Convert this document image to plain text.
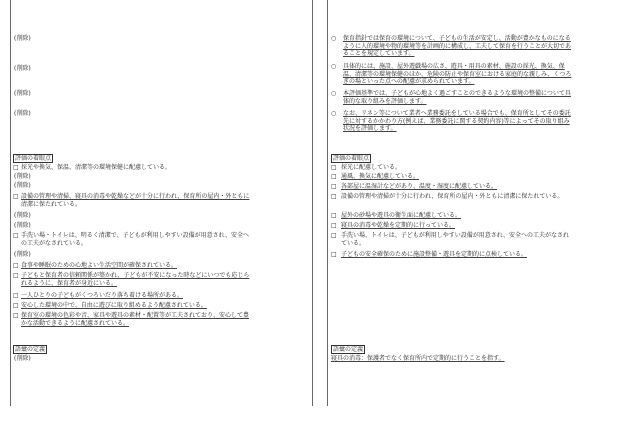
(削除)
(削除)
(削除)
(削除)
評価の着眼点
□ 採光や換気、保温、清潔等の環境保健に配慮している。
(削除)
(削除)
□ 設備の管理や清掃、寝具の消毒や乾燥などが十分に行われ、保育所の屋内・外ともに
清潔に保たれている。
(削除)
(削除)
□ 手洗い場・トイレは、明るく清潔で、子どもが利用しやすい設備が用意され、安全へ
の工夫がなされている。
(削除)
□ 食事や睡眠のための心地よい生活空間が確保されている。
□ 子どもと保育者の信頼関係が築かれ、子どもが不安になった時などにいつでも応じら
れるように、保育者が身近にいる。
□ 一人ひとりの子どもがくつろいだり落ち着ける場所がある。
□ 安心した環境の中で、自由に遊びに取り組めるよう配慮されている。
□ 保育室の環境の色彩や音、家具や遊具の素材・配置等が工夫されており、安心して豊
かな活動できるように配慮されている。
語彙の定義
(削除)
○ 保育指針では保育の環境について、子どもの生活が安定し、活動が豊かなものになる
ように人的環境や物的環境等を計画的に構成し、工夫して保育を行うことが大切であ
ることを規定しています。
○ 具体的には、施設、屋外遊戯場の広さ、遊具・用具の素材、施設の採光、換気、保
温、清潔等の環境保健のほか、危険の防止や保育室における家庭的な親しみ、くつろ
ぎの場といった点への配慮が求められています。
○ 本評価基準では、子どもが心地よく過ごすことのできるような環境の整備について具
体的な取り組みを評価します。
○ なお、リネン等について業者へ業務委託をしている場合でも、保育所としてその委託
先に対するかかわり方(例えば、業務委託に関する契約内容)等によってその取り組み
状況を評価します。
評価の着眼点
□ 採光に配慮している。
□ 通風、換気に配慮している。
□ 各部屋に温湿計などがあり、温度・湿度に配慮している。
□ 設備の管理や清掃が十分に行われ、保育所の屋内・外ともに清潔に保たれている。
□ 屋外の砂場や遊具の衛生面に配慮している。
□ 寝具の消毒や乾燥を定期的に行っている。
□ 手洗い場、トイレは、子どもが利用しやすい設備が用意され、安全への工夫がなされ
ている。
□ 子どもの安全確保のために施設整備・遊具を定期的に点検している。
語彙の定義
寝具の消毒：保護者でなく保育所内で定期的に行うことを指す。
